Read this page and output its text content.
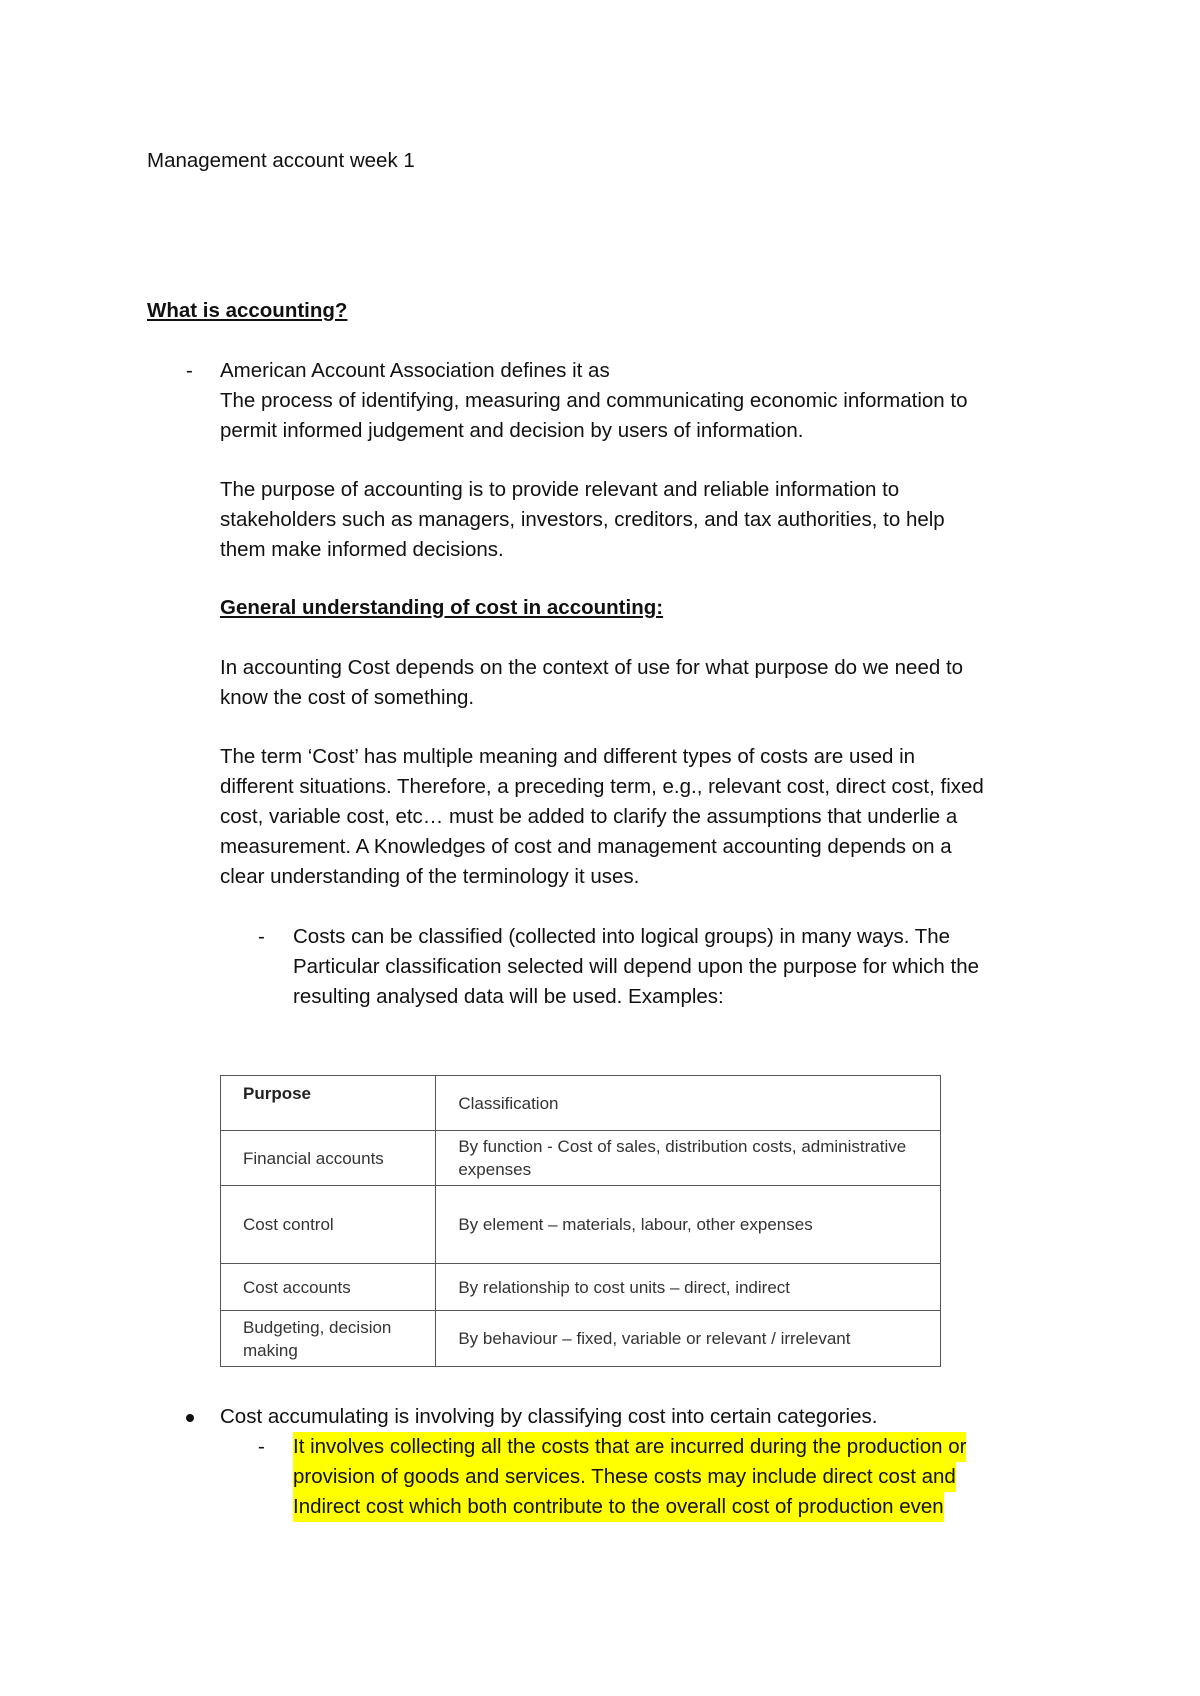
Management account week 1
What is accounting?
- American Account Association defines it as

The process of identifying, measuring and communicating economic information to

permit informed judgement and decision by users of information.

The purpose of accounting is to provide relevant and reliable information to

stakeholders such as managers, investors, creditors, and tax authorities, to help

them make informed decisions.

General understanding of cost in accounting:

In accounting Cost depends on the context of use for what purpose do we need to

know the cost of something.

The term ‘Cost’ has multiple meaning and different types of costs are used in

different situations. Therefore, a preceding term, e.g., relevant cost, direct cost, fixed

cost, variable cost, etc… must be added to clarify the assumptions that underlie a

measurement. A Knowledges of cost and management accounting depends on a

clear understanding of the terminology it uses.

- Costs can be classified (collected into logical groups) in many ways. The

Particular classification selected will depend upon the purpose for which the

resulting analysed data will be used. Examples:

Purpose	Classification
Financial accounts	By function - Cost of sales, distribution costs, administrative expenses
Cost control	By element – materials, labour, other expenses
Cost accounts	By relationship to cost units – direct, indirect
Budgeting, decision making	By behaviour – fixed, variable or relevant / irrelevant
Cost accumulating is involving by classifying cost into certain categories.
- It involves collecting all the costs that are incurred during the production or

provision of goods and services. These costs may include direct cost and

Indirect cost which both contribute to the overall cost of production even
